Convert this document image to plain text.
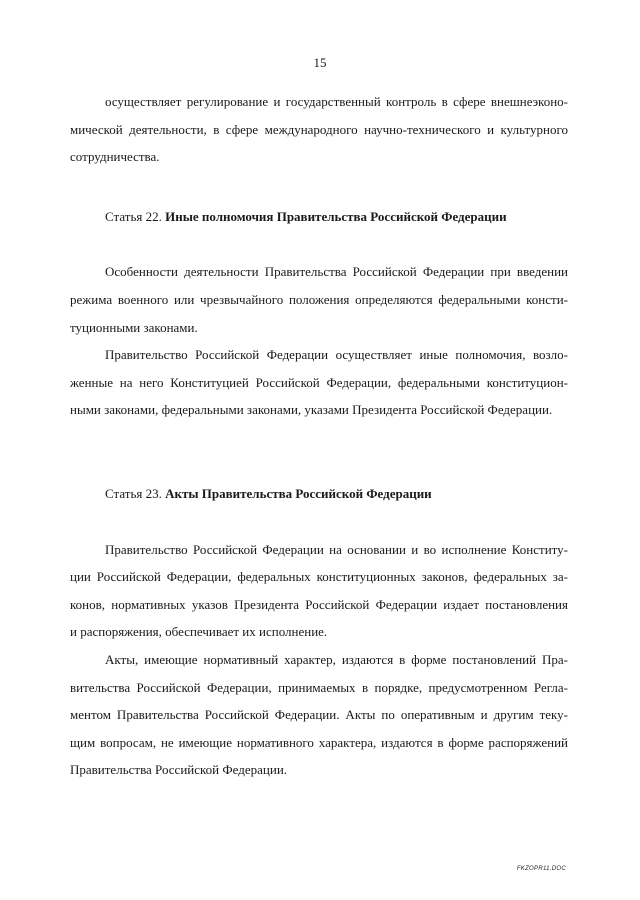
15
осуществляет регулирование и государственный контроль в сфере внешнеэконо-
мической деятельности, в сфере международного научно-технического и культурного
сотрудничества.
Статья 22. Иные полномочия Правительства Российской Федерации
Особенности деятельности Правительства Российской Федерации при введении
режима военного или чрезвычайного положения определяются федеральными консти-
туционными законами.
Правительство Российской Федерации осуществляет иные полномочия, возло-
женные на него Конституцией Российской Федерации, федеральными конституцион-
ными законами, федеральными законами, указами Президента Российской Федерации.
Статья 23. Акты Правительства Российской Федерации
Правительство Российской Федерации на основании и во исполнение Конститу-
ции Российской Федерации, федеральных конституционных законов, федеральных за-
конов, нормативных указов Президента Российской Федерации издает постановления
и распоряжения, обеспечивает их исполнение.
Акты, имеющие нормативный характер, издаются в форме постановлений Пра-
вительства Российской Федерации, принимаемых в порядке, предусмотренном Регла-
ментом Правительства Российской Федерации. Акты по оперативным и другим теку-
щим вопросам, не имеющие нормативного характера, издаются в форме распоряжений
Правительства Российской Федерации.
FKZOPR11.DOC
